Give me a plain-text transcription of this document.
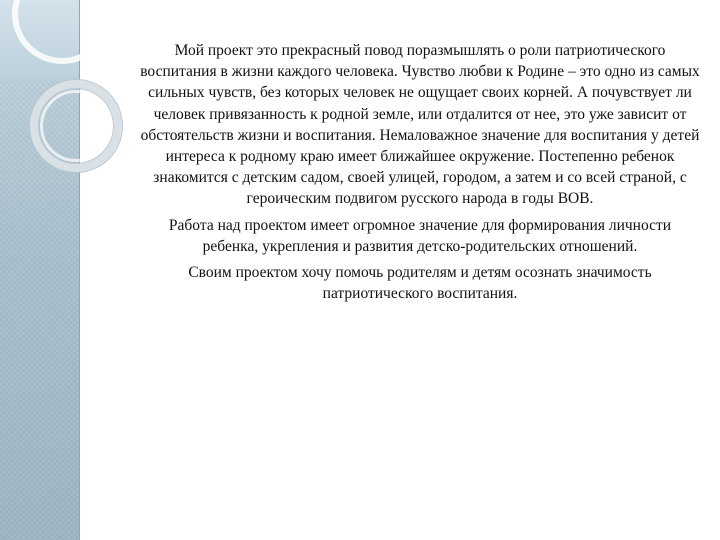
Мой проект это прекрасный повод поразмышлять о роли патриотического воспитания в жизни каждого человека. Чувство любви к Родине – это одно из самых сильных чувств, без которых человек не ощущает своих корней. А почувствует ли человек привязанность к родной земле, или отдалится от нее, это уже зависит от обстоятельств жизни и воспитания. Немаловажное значение для воспитания у детей интереса к родному краю имеет ближайшее окружение. Постепенно ребенок знакомится с детским садом, своей улицей, городом, а затем и со всей страной, с героическим подвигом русского народа в годы ВОВ.

Работа над проектом имеет огромное значение для формирования личности ребенка, укрепления и развития детско-родительских отношений.

Своим проектом хочу помочь родителям и детям осознать значимость патриотического воспитания.
